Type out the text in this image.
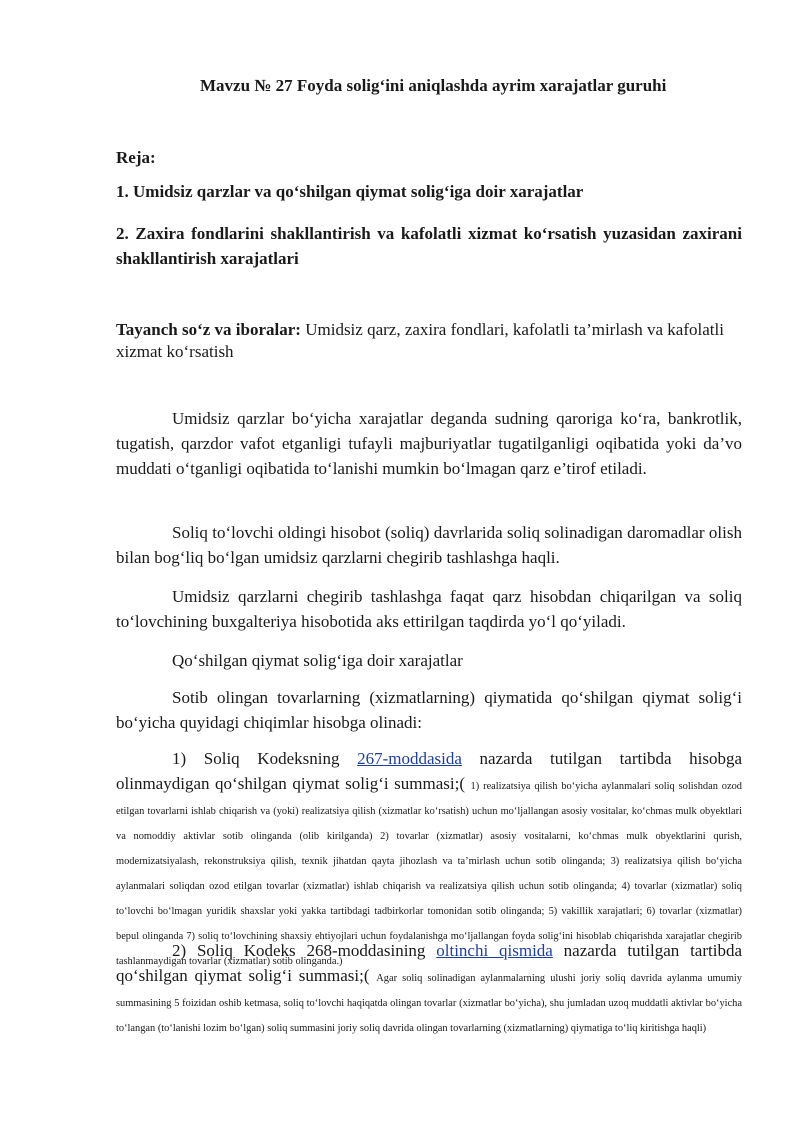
Mavzu № 27 Foyda solig‘ini aniqlashda ayrim xarajatlar guruhi
Reja:
1. Umidsiz qarzlar va qo‘shilgan qiymat solig‘iga doir xarajatlar
2. Zaxira fondlarini shakllantirish va kafolatli xizmat ko‘rsatish yuzasidan zaxirani shakllantirish xarajatlari
Tayanch so‘z va iboralar: Umidsiz qarz, zaxira fondlari, kafolatli ta’mirlash va kafolatli xizmat ko‘rsatish
Umidsiz qarzlar bo‘yicha xarajatlar deganda sudning qaroriga ko‘ra, bankrotlik, tugatish, qarzdor vafot etganligi tufayli majburiyatlar tugatilganligi oqibatida yoki da’vo muddati o‘tganligi oqibatida to‘lanishi mumkin bo‘lmagan qarz e’tirof etiladi.
Soliq to‘lovchi oldingi hisobot (soliq) davrlarida soliq solinadigan daromadlar olish bilan bog‘liq bo‘lgan umidsiz qarzlarni chegirib tashlashga haqli.
Umidsiz qarzlarni chegirib tashlashga faqat qarz hisobdan chiqarilgan va soliq to‘lovchining buxgalteriya hisobotida aks ettirilgan taqdirda yo‘l qo‘yiladi.
Qo‘shilgan qiymat solig‘iga doir xarajatlar
Sotib olingan tovarlarning (xizmatlarning) qiymatida qo‘shilgan qiymat solig‘i bo‘yicha quyidagi chiqimlar hisobga olinadi:
1) Soliq Kodeksning 267-moddasida nazarda tutilgan tartibda hisobga olinmaydigan qo‘shilgan qiymat solig‘i summasi;( 1) realizatsiya qilish bo‘yicha aylanmalari soliq solishdan ozod etilgan tovarlarni ishlab chiqarish va (yoki) realizatsiya qilish (xizmatlar ko‘rsatish) uchun mo‘ljallangan asosiy vositalar, ko‘chmas mulk obyektlari va nomoddiy aktivlar sotib olinganda (olib kirilganda) 2) tovarlar (xizmatlar) asosiy vositalarni, ko‘chmas mulk obyektlarini qurish, modernizatsiyalash, rekonstruksiya qilish, texnik jihatdan qayta jihozlash va ta’mirlash uchun sotib olinganda; 3) realizatsiya qilish bo‘yicha aylanmalari soliqdan ozod etilgan tovarlar (xizmatlar) ishlab chiqarish va realizatsiya qilish uchun sotib olinganda; 4) tovarlar (xizmatlar) soliq to‘lovchi bo‘lmagan yuridik shaxslar yoki yakka tartibdagi tadbirkorlar tomonidan sotib olinganda; 5) vakillik xarajatlari; 6) tovarlar (xizmatlar) bepul olinganda 7) soliq to‘lovchining shaxsiy ehtiyojlari uchun foydalanishga mo‘ljallangan foyda solig‘ini hisoblab chiqarishda xarajatlar chegirib tashlanmaydigan tovarlar (xizmatlar) sotib olinganda.)
2) Soliq Kodeks 268-moddasining oltinchi qismida nazarda tutilgan tartibda qo‘shilgan qiymat solig‘i summasi;( Agar soliq solinadigan aylanmalarning ulushi joriy soliq davrida aylanma umumiy summasining 5 foizidan oshib ketmasa, soliq to‘lovchi haqiqatda olingan tovarlar (xizmatlar bo‘yicha), shu jumladan uzoq muddatli aktivlar bo‘yicha to‘langan (to‘lanishi lozim bo‘lgan) soliq summasini joriy soliq davrida olingan tovarlarning (xizmatlarning) qiymatiga to‘liq kiritishga haqli)
